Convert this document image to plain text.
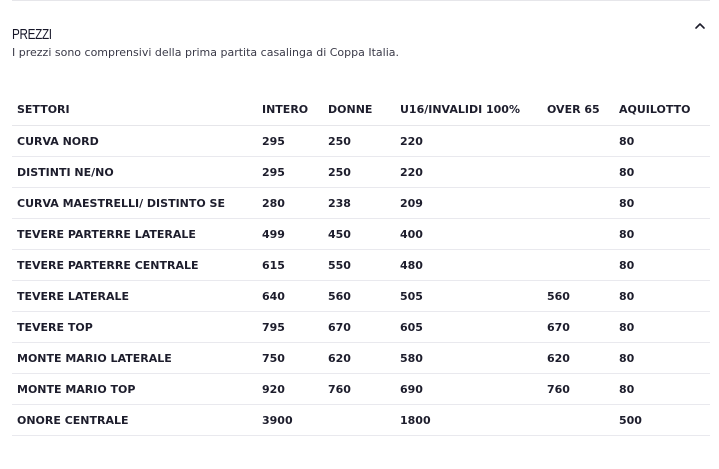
PREZZI

I prezzi sono comprensivi della prima partita casalinga di Coppa Italia.

SETTORI	INTERO	DONNE	U16/INVALIDI 100%	OVER 65	AQUILOTTO
CURVA NORD	295	250	220		80
DISTINTI NE/NO	295	250	220		80
CURVA MAESTRELLI/ DISTINTO SE	280	238	209		80
TEVERE PARTERRE LATERALE	499	450	400		80
TEVERE PARTERRE CENTRALE	615	550	480		80
TEVERE LATERALE	640	560	505	560	80
TEVERE TOP	795	670	605	670	80
MONTE MARIO LATERALE	750	620	580	620	80
MONTE MARIO TOP	920	760	690	760	80
ONORE CENTRALE	3900		1800		500
